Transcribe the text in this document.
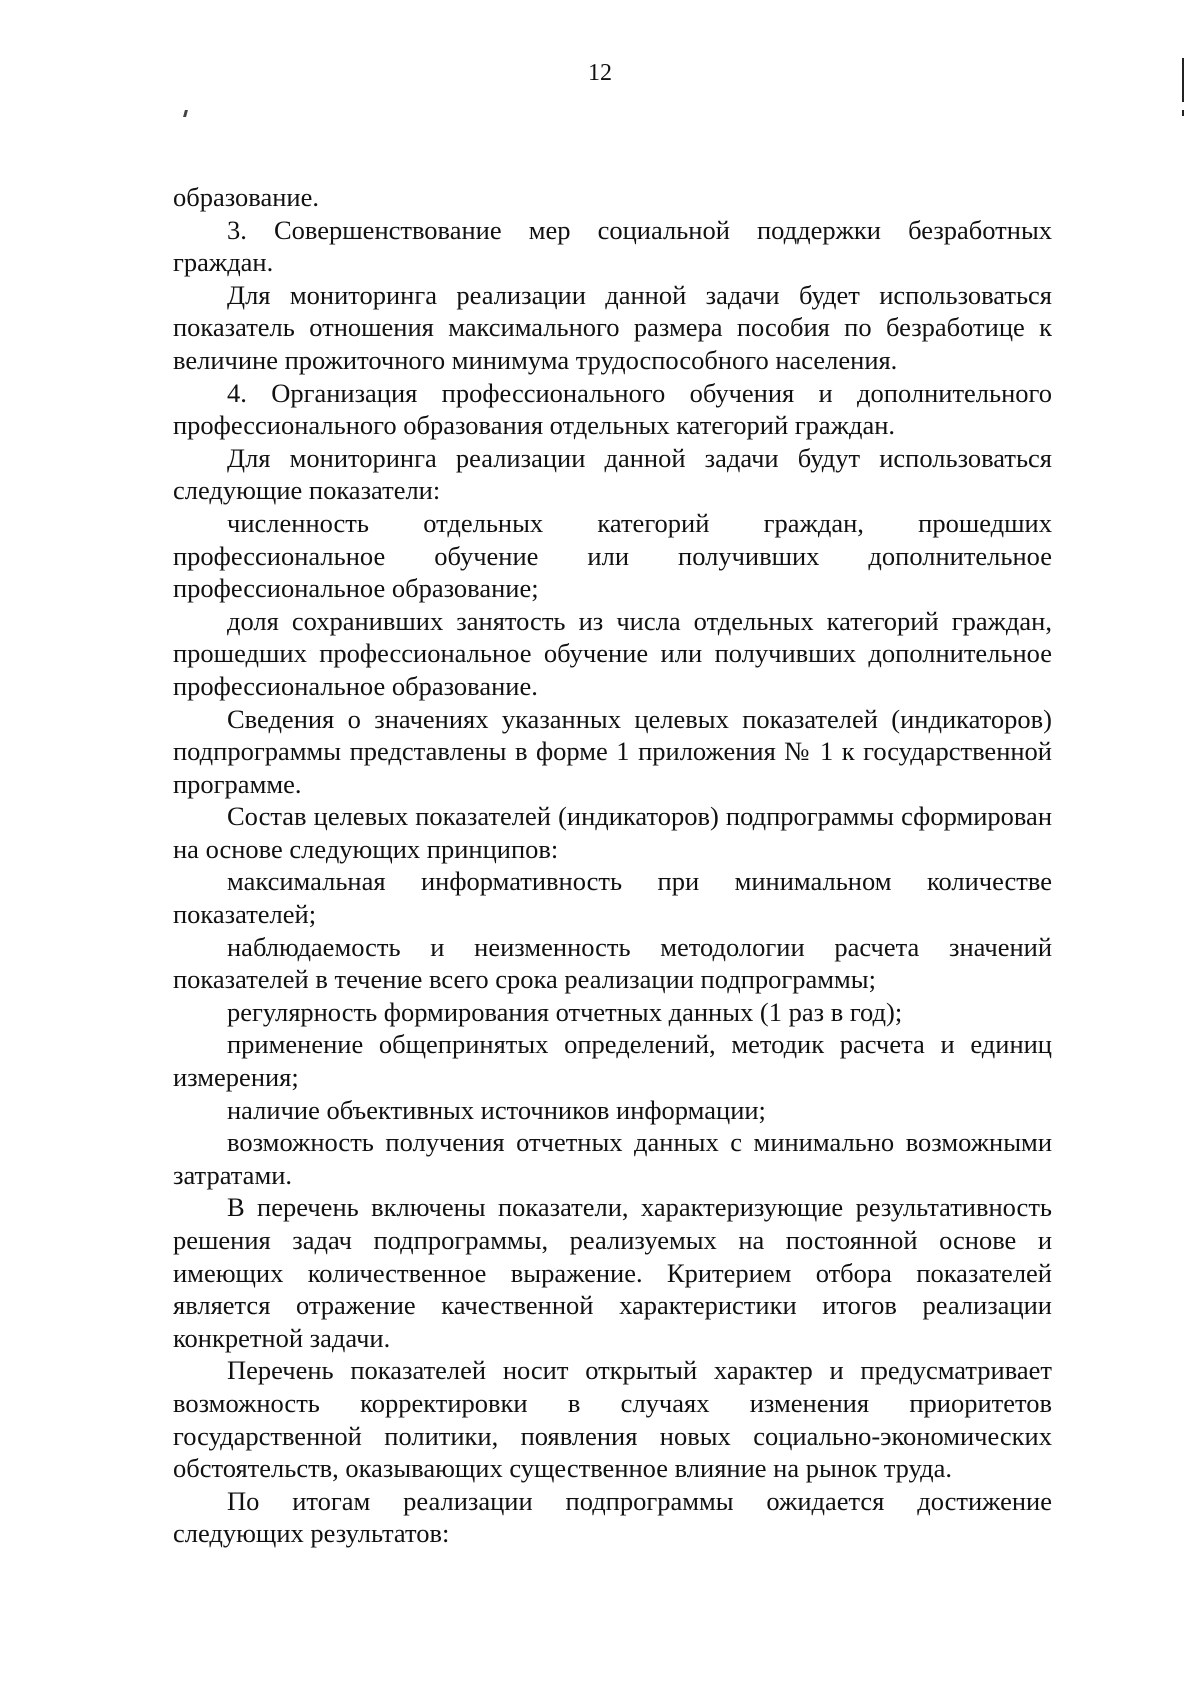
12

образование.

3. Совершенствование мер социальной поддержки безработных граждан.

Для мониторинга реализации данной задачи будет использоваться показатель отношения максимального размера пособия по безработице к величине прожиточного минимума трудоспособного населения.

4. Организация профессионального обучения и дополнительного профессионального образования отдельных категорий граждан.

Для мониторинга реализации данной задачи будут использоваться следующие показатели:

численность отдельных категорий граждан, прошедших профессиональное обучение или получивших дополнительное профессиональное образование;

доля сохранивших занятость из числа отдельных категорий граждан, прошедших профессиональное обучение или получивших дополнительное профессиональное образование.

Сведения о значениях указанных целевых показателей (индикаторов) подпрограммы представлены в форме 1 приложения № 1 к государственной программе.

Состав целевых показателей (индикаторов) подпрограммы сформирован на основе следующих принципов:

максимальная информативность при минимальном количестве показателей;

наблюдаемость и неизменность методологии расчета значений показателей в течение всего срока реализации подпрограммы;

регулярность формирования отчетных данных (1 раз в год);

применение общепринятых определений, методик расчета и единиц измерения;

наличие объективных источников информации;

возможность получения отчетных данных с минимально возможными затратами.

В перечень включены показатели, характеризующие результативность решения задач подпрограммы, реализуемых на постоянной основе и имеющих количественное выражение. Критерием отбора показателей является отражение качественной характеристики итогов реализации конкретной задачи.

Перечень показателей носит открытый характер и предусматривает возможность корректировки в случаях изменения приоритетов государственной политики, появления новых социально-экономических обстоятельств, оказывающих существенное влияние на рынок труда.

По итогам реализации подпрограммы ожидается достижение следующих результатов:
